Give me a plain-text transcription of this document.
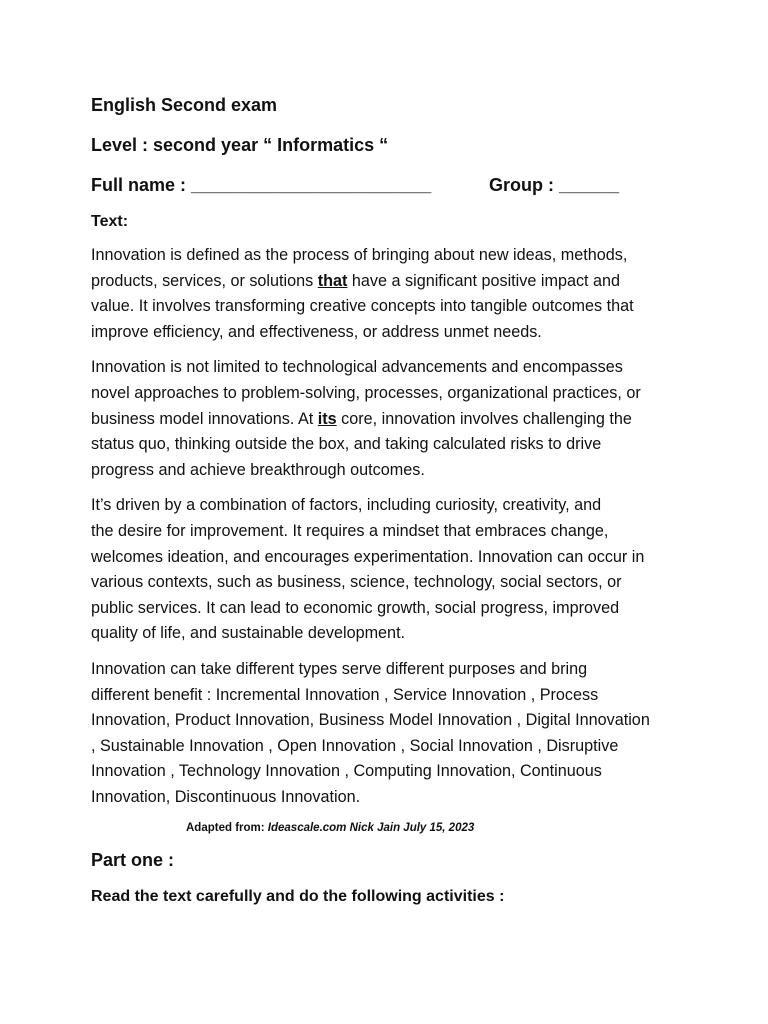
English Second exam

Level : second year “ Informatics “

Full name : ________________________	Group : ______

Text:

Innovation is defined as the process of bringing about new ideas, methods,
products, services, or solutions that have a significant positive impact and
value. It involves transforming creative concepts into tangible outcomes that
improve efficiency, and effectiveness, or address unmet needs.

Innovation is not limited to technological advancements and encompasses
novel approaches to problem-solving, processes, organizational practices, or
business model innovations. At its core, innovation involves challenging the
status quo, thinking outside the box, and taking calculated risks to drive
progress and achieve breakthrough outcomes.

It’s driven by a combination of factors, including curiosity, creativity, and
the desire for improvement. It requires a mindset that embraces change,
welcomes ideation, and encourages experimentation. Innovation can occur in
various contexts, such as business, science, technology, social sectors, or
public services. It can lead to economic growth, social progress, improved
quality of life, and sustainable development.

Innovation can take different types serve different purposes and bring
different benefit : Incremental Innovation , Service Innovation , Process
Innovation, Product Innovation, Business Model Innovation , Digital Innovation
, Sustainable Innovation , Open Innovation , Social Innovation , Disruptive
Innovation , Technology Innovation , Computing Innovation, Continuous
Innovation, Discontinuous Innovation.

Adapted from: Ideascale.com Nick Jain July 15, 2023

Part one :

Read the text carefully and do the following activities :
